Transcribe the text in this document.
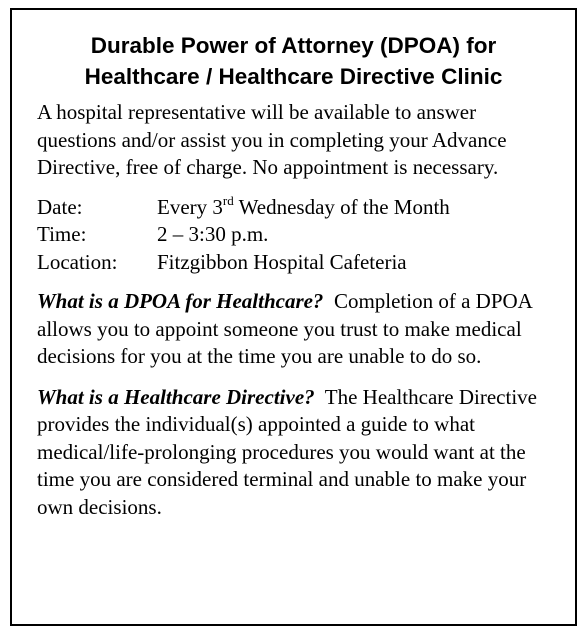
Durable Power of Attorney (DPOA) for
Healthcare / Healthcare Directive Clinic

A hospital representative will be available to answer questions and/or assist you in completing your Advance Directive, free of charge. No appointment is necessary.

Date:	Every 3rd Wednesday of the Month
Time:	2 – 3:30 p.m.
Location: Fitzgibbon Hospital Cafeteria

What is a DPOA for Healthcare? Completion of a DPOA allows you to appoint someone you trust to make medical decisions for you at the time you are unable to do so.

What is a Healthcare Directive? The Healthcare Directive provides the individual(s) appointed a guide to what medical/life-prolonging procedures you would want at the time you are considered terminal and unable to make your own decisions.
